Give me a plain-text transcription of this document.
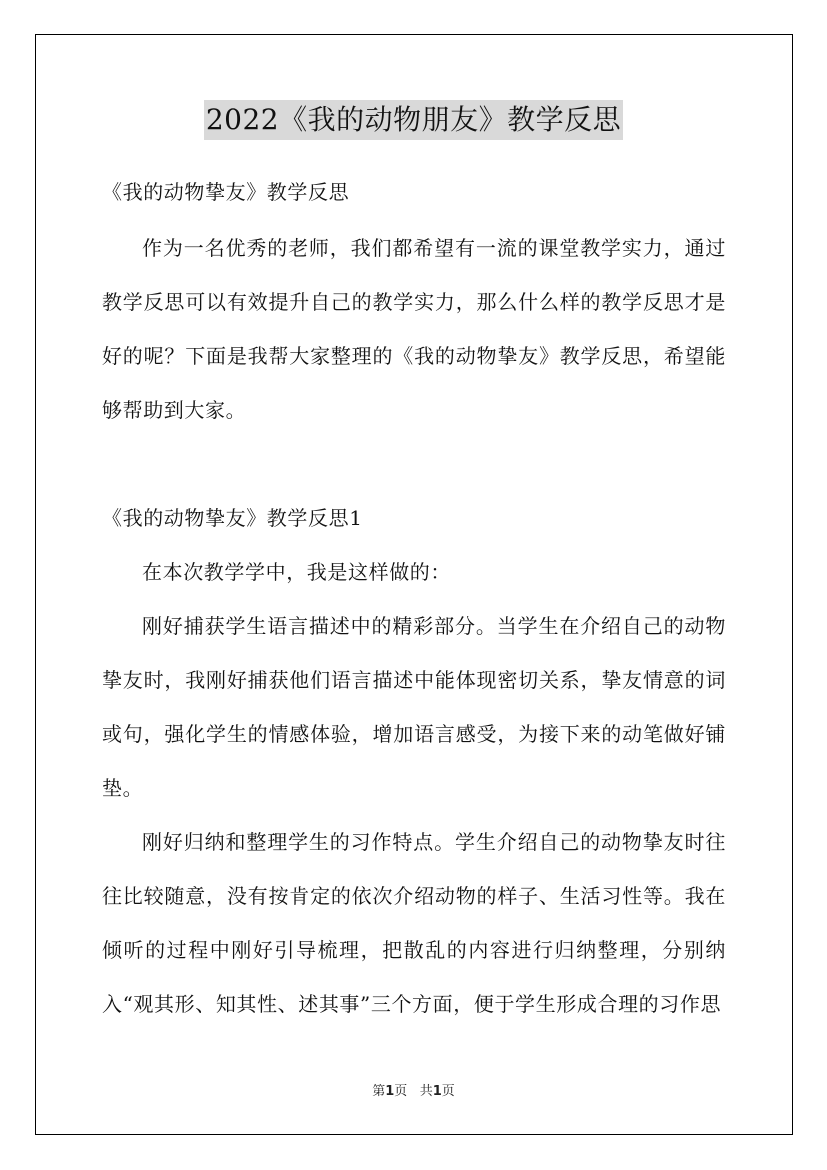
2022《我的动物朋友》教学反思
《我的动物挚友》教学反思
作为一名优秀的老师，我们都希望有一流的课堂教学实力，通过教学反思可以有效提升自己的教学实力，那么什么样的教学反思才是好的呢？下面是我帮大家整理的《我的动物挚友》教学反思，希望能够帮助到大家。
《我的动物挚友》教学反思1
在本次教学学中，我是这样做的：
刚好捕获学生语言描述中的精彩部分。当学生在介绍自己的动物挚友时，我刚好捕获他们语言描述中能体现密切关系，挚友情意的词或句，强化学生的情感体验，增加语言感受，为接下来的动笔做好铺垫。
刚好归纳和整理学生的习作特点。学生介绍自己的动物挚友时往往比较随意，没有按肯定的依次介绍动物的样子、生活习性等。我在倾听的过程中刚好引导梳理，把散乱的内容进行归纳整理，分别纳入“观其形、知其性、述其事”三个方面，便于学生形成合理的习作思
第1页 共1页
